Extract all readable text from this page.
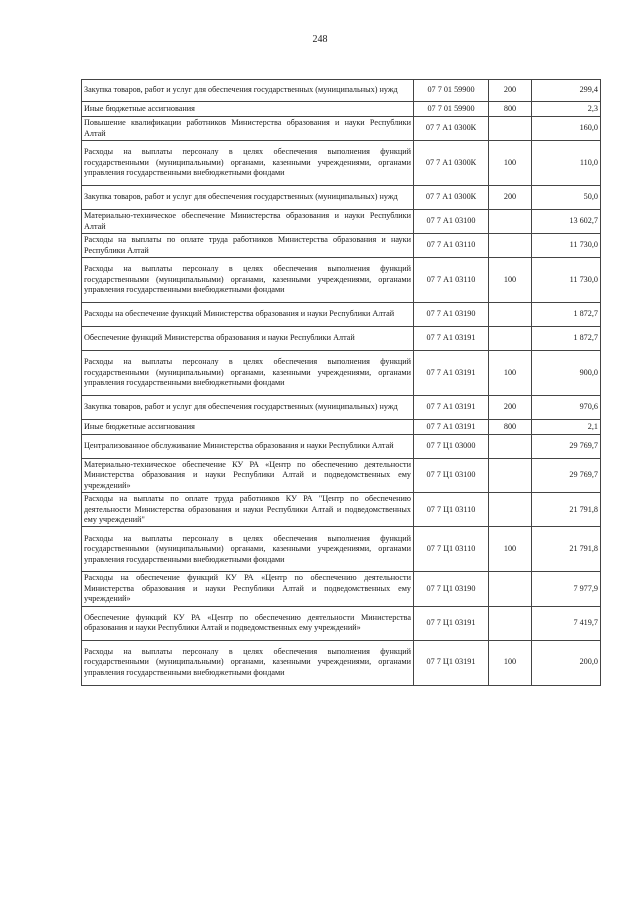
248
Закупка товаров, работ и услуг для обеспечения государственных (муниципальных) нужд	07 7 01 59900	200	299,4
Иные бюджетные ассигнования	07 7 01 59900	800	2,3
Повышение квалификации работников Министерства образования и науки Республики Алтай	07 7 А1 0300К		160,0
Расходы на выплаты персоналу в целях обеспечения выполнения функций государственными (муниципальными) органами, казенными учреждениями, органами управления государственными внебюджетными фондами	07 7 А1 0300К	100	110,0
Закупка товаров, работ и услуг для обеспечения государственных (муниципальных) нужд	07 7 А1 0300К	200	50,0
Материально-техническое обеспечение Министерства образования и науки Республики Алтай	07 7 А1 03100		13 602,7
Расходы на выплаты по оплате труда работников Министерства образования и науки Республики Алтай	07 7 А1 03110		11 730,0
Расходы на выплаты персоналу в целях обеспечения выполнения функций государственными (муниципальными) органами, казенными учреждениями, органами управления государственными внебюджетными фондами	07 7 А1 03110	100	11 730,0
Расходы на обеспечение функций Министерства образования и науки Республики Алтай	07 7 А1 03190		1 872,7
Обеспечение функций Министерства образования и науки Республики Алтай	07 7 А1 03191		1 872,7
Расходы на выплаты персоналу в целях обеспечения выполнения функций государственными (муниципальными) органами, казенными учреждениями, органами управления государственными внебюджетными фондами	07 7 А1 03191	100	900,0
Закупка товаров, работ и услуг для обеспечения государственных (муниципальных) нужд	07 7 А1 03191	200	970,6
Иные бюджетные ассигнования	07 7 А1 03191	800	2,1
Централизованное обслуживание Министерства образования и науки Республики Алтай	07 7 Ц1 03000		29 769,7
Материально-техническое обеспечение КУ РА «Центр по обеспечению деятельности Министерства образования и науки Республики Алтай и подведомственных ему учреждений»	07 7 Ц1 03100		29 769,7
Расходы на выплаты по оплате труда работников КУ РА "Центр по обеспечению деятельности Министерства образования и науки Республики Алтай и подведомственных ему учреждений"	07 7 Ц1 03110		21 791,8
Расходы на выплаты персоналу в целях обеспечения выполнения функций государственными (муниципальными) органами, казенными учреждениями, органами управления государственными внебюджетными фондами	07 7 Ц1 03110	100	21 791,8
Расходы на обеспечение функций КУ РА «Центр по обеспечению деятельности Министерства образования и науки Республики Алтай и подведомственных ему учреждений»	07 7 Ц1 03190		7 977,9
Обеспечение функций КУ РА «Центр по обеспечению деятельности Министерства образования и науки Республики Алтай и подведомственных ему учреждений»	07 7 Ц1 03191		7 419,7
Расходы на выплаты персоналу в целях обеспечения выполнения функций государственными (муниципальными) органами, казенными учреждениями, органами управления государственными внебюджетными фондами	07 7 Ц1 03191	100	200,0
